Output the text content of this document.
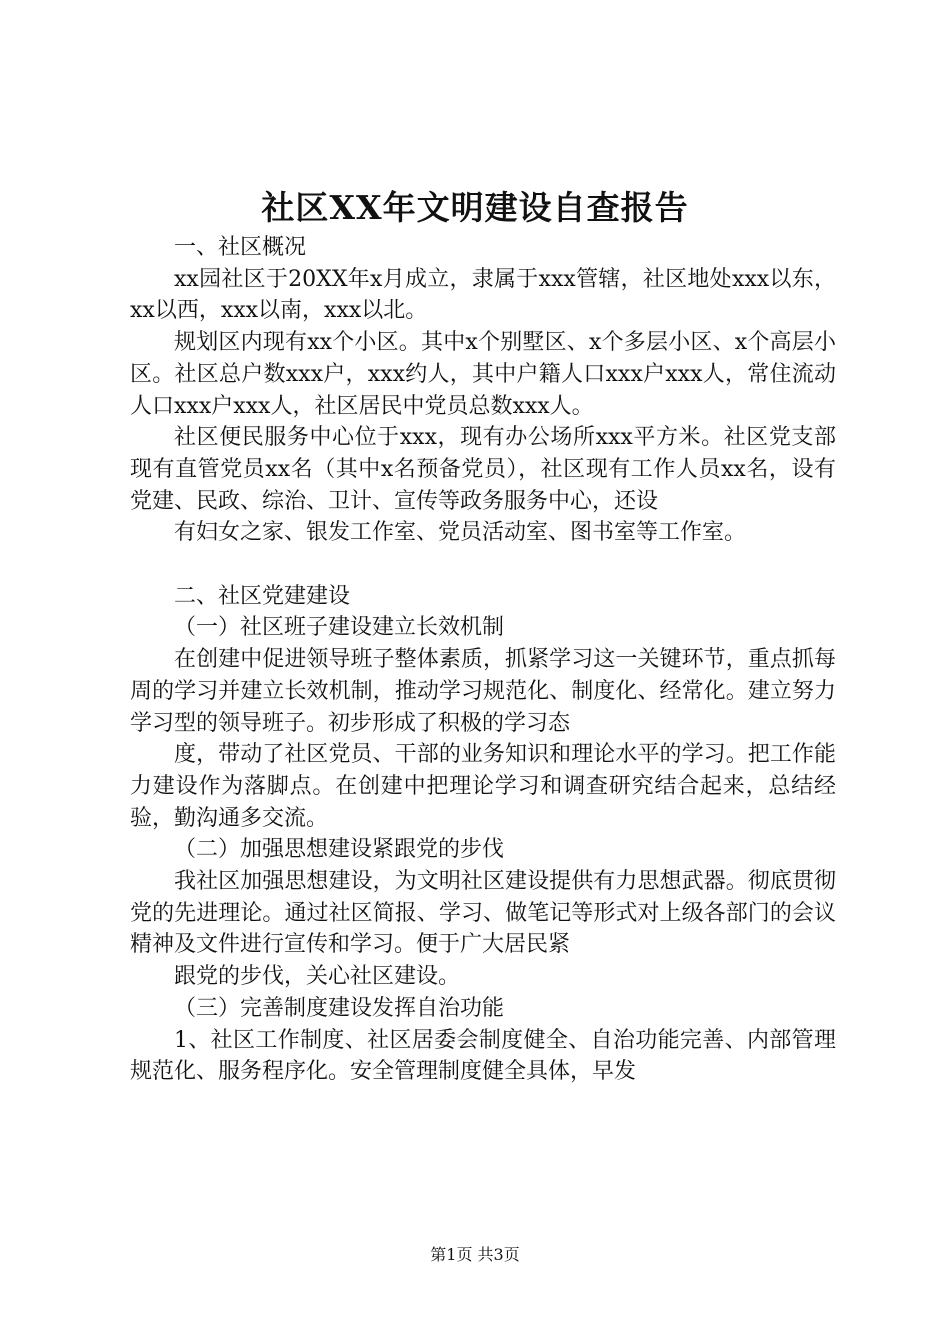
社区XX年文明建设自查报告

一、社区概况

xx园社区于20XX年x月成立，隶属于xxx管辖，社区地处xxx以东，xx以西，xxx以南，xxx以北。

规划区内现有xx个小区。其中x个别墅区、x个多层小区、x个高层小区。社区总户数xxx户，xxx约人，其中户籍人口xxx户xxx人，常住流动人口xxx户xxx人，社区居民中党员总数xxx人。

社区便民服务中心位于xxx，现有办公场所xxx平方米。社区党支部现有直管党员xx名（其中x名预备党员），社区现有工作人员xx名，设有党建、民政、综治、卫计、宣传等政务服务中心，还设

有妇女之家、银发工作室、党员活动室、图书室等工作室。

二、社区党建建设

（一）社区班子建设建立长效机制

在创建中促进领导班子整体素质，抓紧学习这一关键环节，重点抓每周的学习并建立长效机制，推动学习规范化、制度化、经常化。建立努力学习型的领导班子。初步形成了积极的学习态

度，带动了社区党员、干部的业务知识和理论水平的学习。把工作能力建设作为落脚点。在创建中把理论学习和调查研究结合起来，总结经验，勤沟通多交流。

（二）加强思想建设紧跟党的步伐

我社区加强思想建设，为文明社区建设提供有力思想武器。彻底贯彻党的先进理论。通过社区简报、学习、做笔记等形式对上级各部门的会议精神及文件进行宣传和学习。便于广大居民紧

跟党的步伐，关心社区建设。

（三）完善制度建设发挥自治功能

1、社区工作制度、社区居委会制度健全、自治功能完善、内部管理规范化、服务程序化。安全管理制度健全具体，早发

第1页 共3页
